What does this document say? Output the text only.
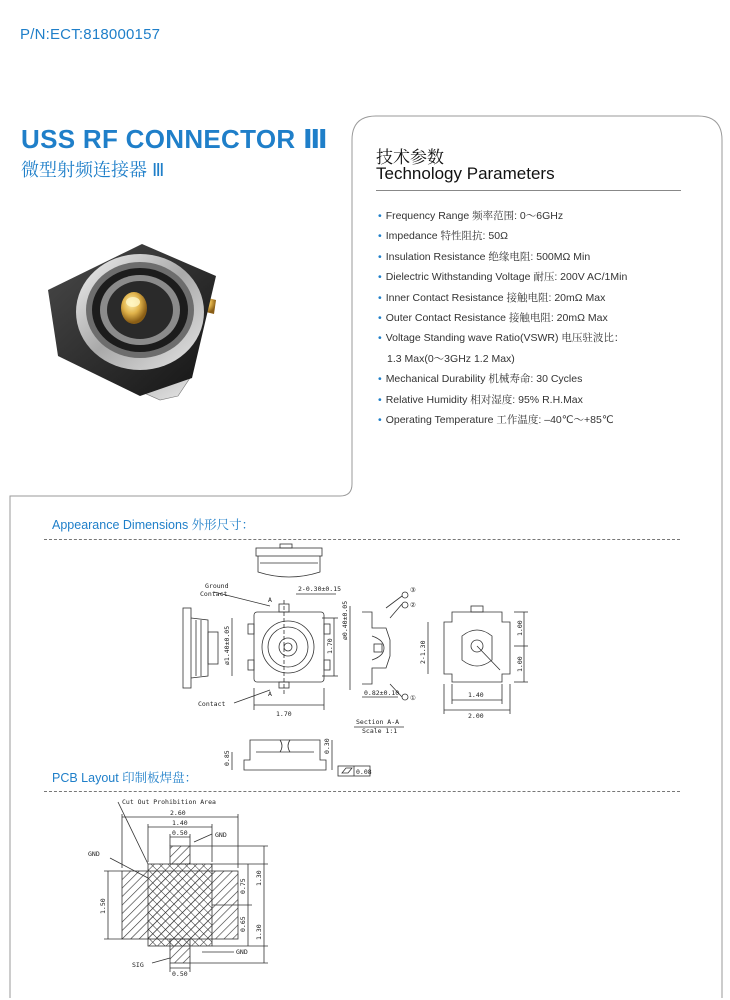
P/N:ECT:818000157
USS RF CONNECTOR Ⅲ
微型射频连接器 Ⅲ
技术参数
Technology Parameters
• Frequency Range 频率范围: 0～6GHz
• Impedance 特性阻抗: 50Ω
• Insulation Resistance 绝缘电阻: 500MΩ Min
• Dielectric Withstanding Voltage 耐压: 200V AC/1Min
• Inner Contact Resistance 接触电阻: 20mΩ Max
• Outer Contact Resistance 接触电阻: 20mΩ Max
• Voltage Standing wave Ratio(VSWR) 电压驻波比：
1.3 Max(0～3GHz 1.2 Max)
• Mechanical Durability 机械寿命: 30 Cycles
• Relative Humidity 相对湿度: 95% R.H.Max
• Operating Temperature 工作温度: –40℃～+85℃
Appearance Dimensions 外形尺寸：
Ground
Contact
A
A
2-0.30±0.15
Contact
1.70
ø1.40±0.05	1.70
ø0.40±0.05
0.82±0.10
③
②
①
Section A-A
Scale 1:1
2-1.30
1.40
2.00
1.00
1.00
0.85
0.30
0.08
PCB Layout 印制板焊盘：
Cut Out Prohibition Area
2.60
1.40
0.50	GND
GND
GND
SIG
0.50
1.50
1.30
0.75
0.65
1.30
